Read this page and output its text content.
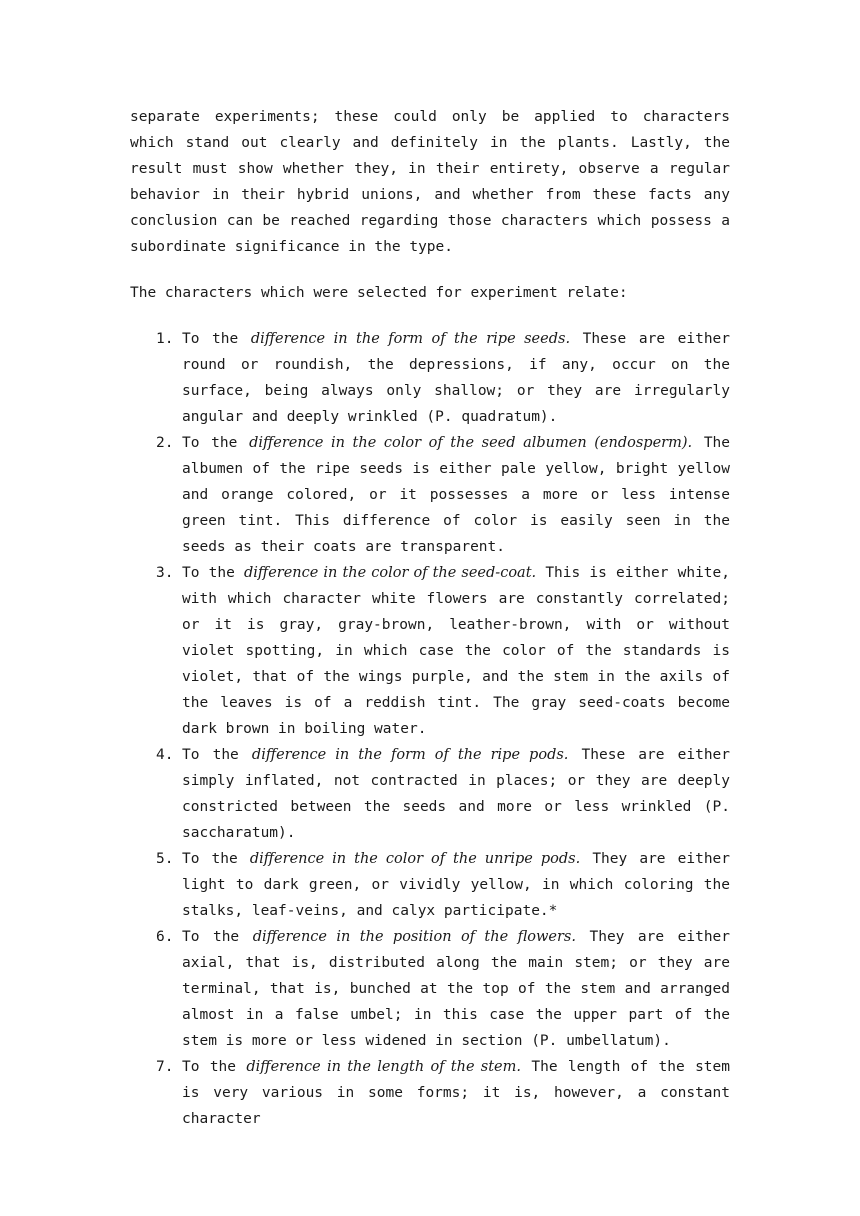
separate experiments; these could only be applied to characters which stand out clearly and definitely in the plants. Lastly, the result must show whether they, in their entirety, observe a regular behavior in their hybrid unions, and whether from these facts any conclusion can be reached regarding those characters which possess a subordinate significance in the type.

The characters which were selected for experiment relate:

1. To the difference in the form of the ripe seeds. These are either round or roundish, the depressions, if any, occur on the surface, being always only shallow; or they are irregularly angular and deeply wrinkled (P. quadratum).
2. To the difference in the color of the seed albumen (endosperm). The albumen of the ripe seeds is either pale yellow, bright yellow and orange colored, or it possesses a more or less intense green tint. This difference of color is easily seen in the seeds as their coats are transparent.
3. To the difference in the color of the seed-coat. This is either white, with which character white flowers are constantly correlated; or it is gray, gray-brown, leather-brown, with or without violet spotting, in which case the color of the standards is violet, that of the wings purple, and the stem in the axils of the leaves is of a reddish tint. The gray seed-coats become dark brown in boiling water.
4. To the difference in the form of the ripe pods. These are either simply inflated, not contracted in places; or they are deeply constricted between the seeds and more or less wrinkled (P. saccharatum).
5. To the difference in the color of the unripe pods. They are either light to dark green, or vividly yellow, in which coloring the stalks, leaf-veins, and calyx participate.*
6. To the difference in the position of the flowers. They are either axial, that is, distributed along the main stem; or they are terminal, that is, bunched at the top of the stem and arranged almost in a false umbel; in this case the upper part of the stem is more or less widened in section (P. umbellatum).
7. To the difference in the length of the stem. The length of the stem is very various in some forms; it is, however, a constant character
